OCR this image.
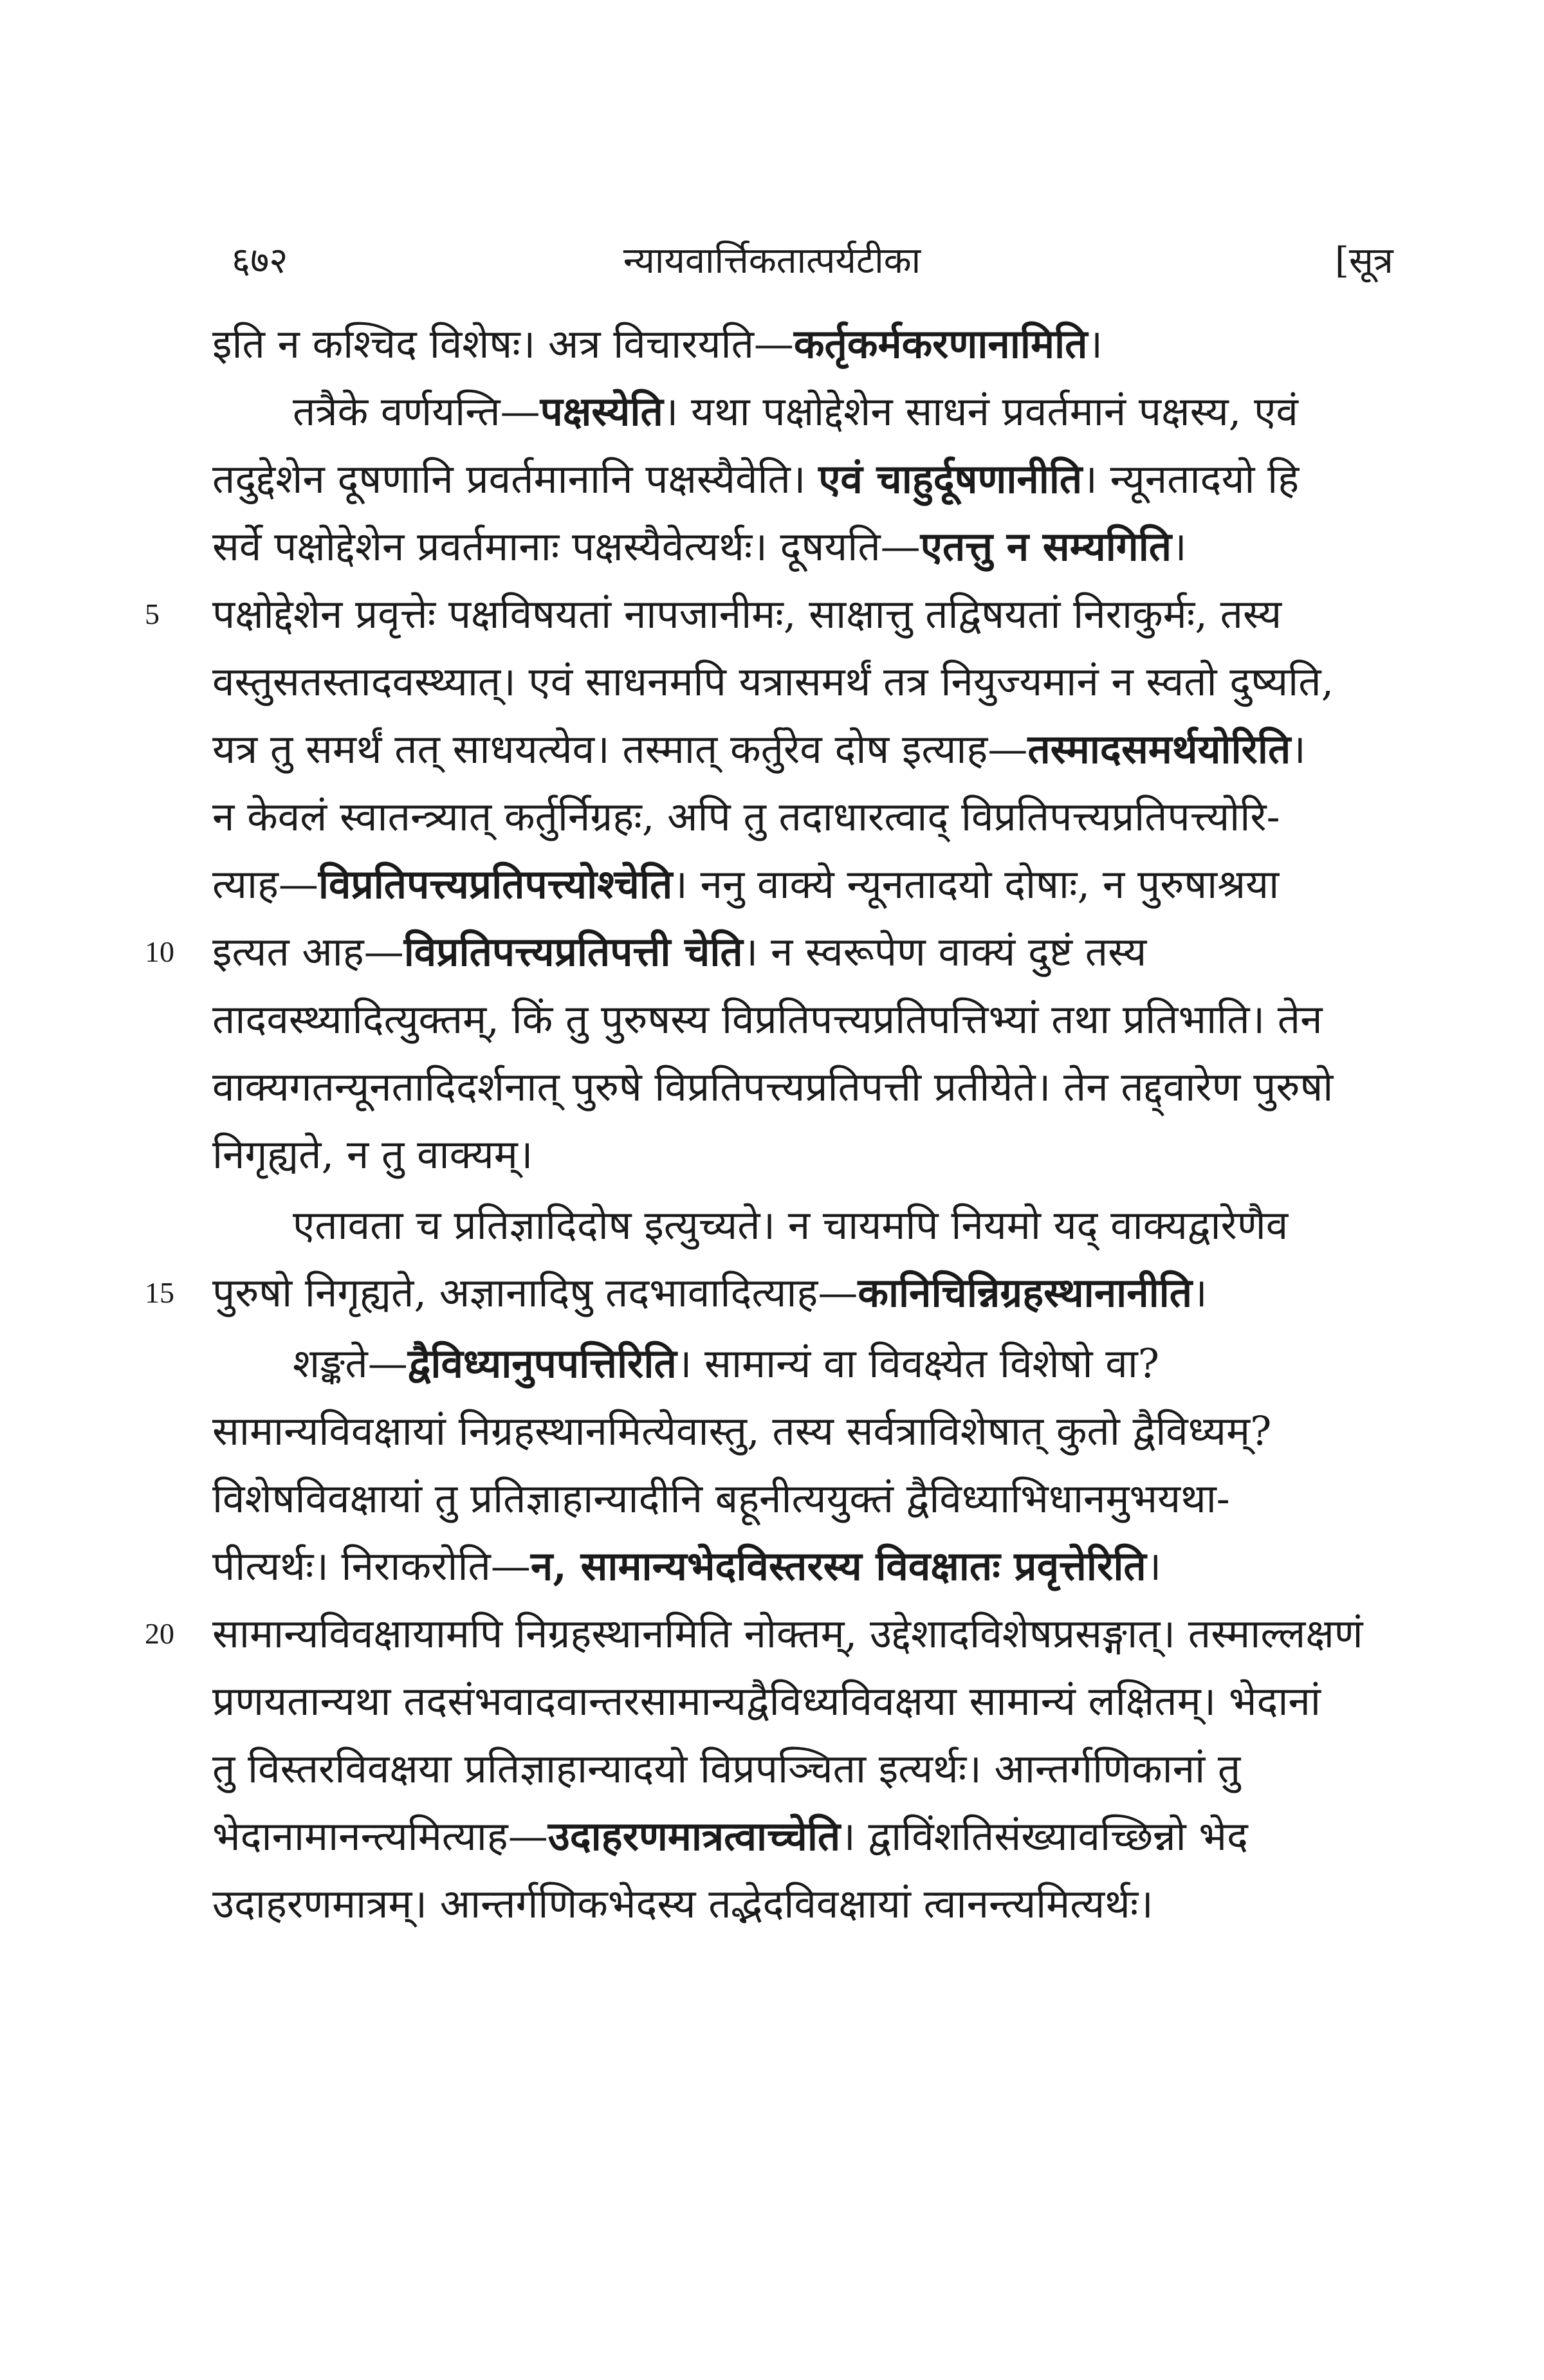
६७२	न्यायवार्त्तिकतात्पर्यटीका	[सूत्र
इति न कश्चिद विशेषः। अत्र विचारयति—कर्तृकर्मकरणानामिति।
तत्रैके वर्णयन्ति—पक्षस्येति। यथा पक्षोद्देशेन साधनं प्रवर्तमानं पक्षस्य, एवं
तदुद्देशेन दूषणानि प्रवर्तमानानि पक्षस्यैवेति। एवं चाहुर्दूषणानीति। न्यूनतादयो हि
सर्वे पक्षोद्देशेन प्रवर्तमानाः पक्षस्यैवेत्यर्थः। दूषयति—एतत्तु न सम्यगिति।
पक्षोद्देशेन प्रवृत्तेः पक्षविषयतां नापजानीमः, साक्षात्तु तद्विषयतां निराकुर्मः, तस्य
वस्तुसतस्तादवस्थ्यात्। एवं साधनमपि यत्रासमर्थं तत्र नियुज्यमानं न स्वतो दुष्यति,
यत्र तु समर्थं तत् साधयत्येव। तस्मात् कर्तुरेव दोष इत्याह—तस्मादसमर्थयोरिति।
न केवलं स्वातन्त्र्यात् कर्तुर्निग्रहः, अपि तु तदाधारत्वाद् विप्रतिपत्त्यप्रतिपत्त्योरि-
त्याह—विप्रतिपत्त्यप्रतिपत्त्योश्चेति। ननु वाक्ये न्यूनतादयो दोषाः, न पुरुषाश्रया
इत्यत आह—विप्रतिपत्त्यप्रतिपत्ती चेति। न स्वरूपेण वाक्यं दुष्टं तस्य
तादवस्थ्यादित्युक्तम्, किं तु पुरुषस्य विप्रतिपत्त्यप्रतिपत्तिभ्यां तथा प्रतिभाति। तेन
वाक्यगतन्यूनतादिदर्शनात् पुरुषे विप्रतिपत्त्यप्रतिपत्ती प्रतीयेते। तेन तद्द्वारेण पुरुषो
निगृह्यते, न तु वाक्यम्।
एतावता च प्रतिज्ञादिदोष इत्युच्यते। न चायमपि नियमो यद् वाक्यद्वारेणैव
पुरुषो निगृह्यते, अज्ञानादिषु तदभावादित्याह—कानिचिन्निग्रहस्थानानीति।
शङ्कते—द्वैविध्यानुपपत्तिरिति। सामान्यं वा विवक्ष्येत विशेषो वा?
सामान्यविवक्षायां निग्रहस्थानमित्येवास्तु, तस्य सर्वत्राविशेषात् कुतो द्वैविध्यम्?
विशेषविवक्षायां तु प्रतिज्ञाहान्यादीनि बहूनीत्ययुक्तं द्वैविध्याभिधानमुभयथा-
पीत्यर्थः। निराकरोति—न, सामान्यभेदविस्तरस्य विवक्षातः प्रवृत्तेरिति।
सामान्यविवक्षायामपि निग्रहस्थानमिति नोक्तम्, उद्देशादविशेषप्रसङ्गात्। तस्माल्लक्षणं
प्रणयतान्यथा तदसंभवादवान्तरसामान्यद्वैविध्यविवक्षया सामान्यं लक्षितम्। भेदानां
तु विस्तरविवक्षया प्रतिज्ञाहान्यादयो विप्रपञ्चिता इत्यर्थः। आन्तर्गणिकानां तु
भेदानामानन्त्यमित्याह—उदाहरणमात्रत्वाच्चेति। द्वाविंशतिसंख्यावच्छिन्नो भेद
उदाहरणमात्रम्। आन्तर्गणिकभेदस्य तद्भेदविवक्षायां त्वानन्त्यमित्यर्थः।
5
10
15
20
